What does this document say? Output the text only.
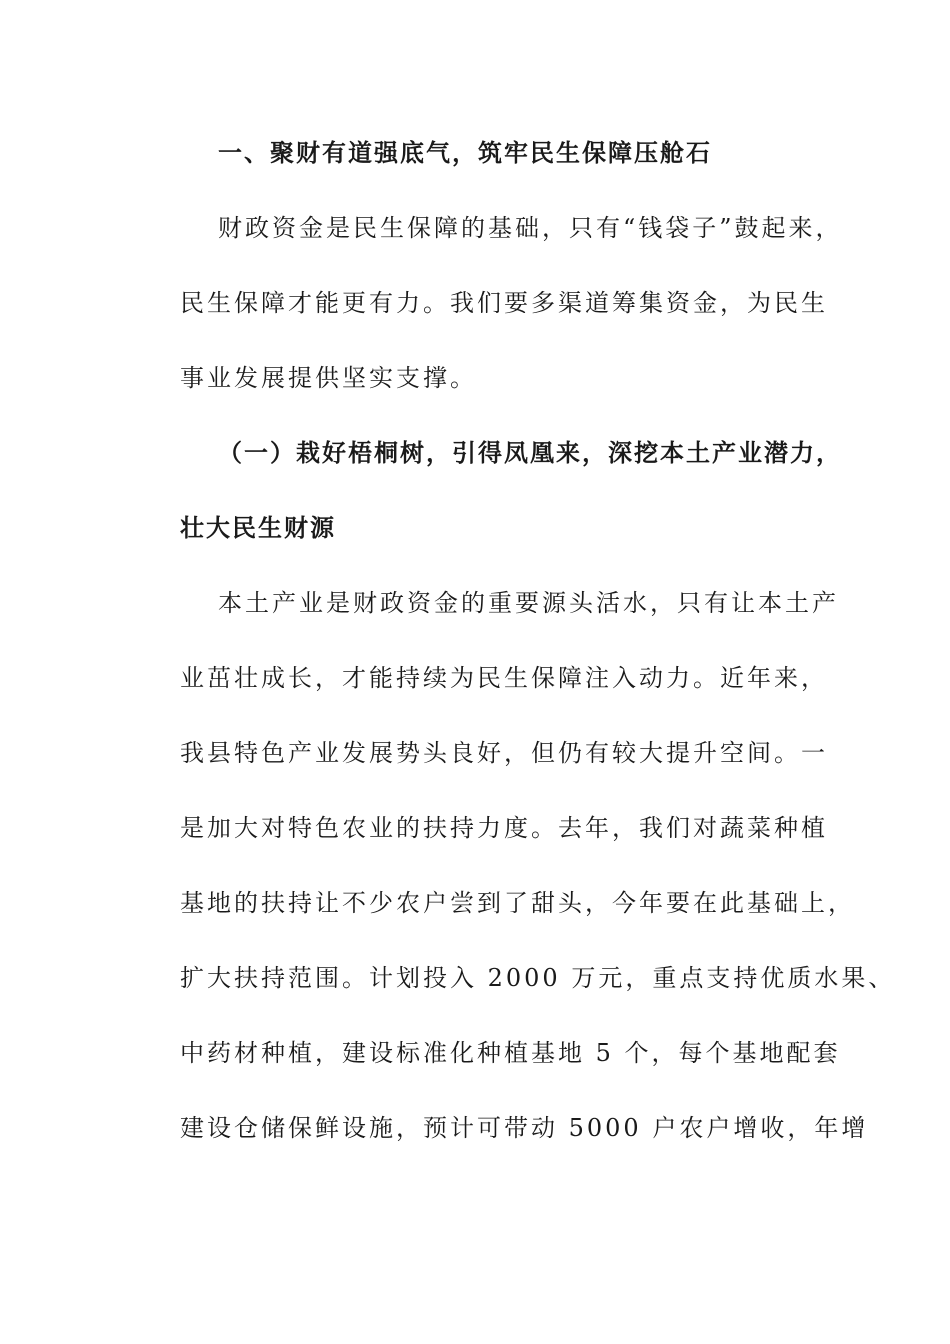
一、聚财有道强底气，筑牢民生保障压舱石
财政资金是民生保障的基础，只有“钱袋子”鼓起来，
民生保障才能更有力。我们要多渠道筹集资金，为民生
事业发展提供坚实支撑。
（一）栽好梧桐树，引得凤凰来，深挖本土产业潜力，
壮大民生财源
本土产业是财政资金的重要源头活水，只有让本土产
业茁壮成长，才能持续为民生保障注入动力。近年来，
我县特色产业发展势头良好，但仍有较大提升空间。一
是加大对特色农业的扶持力度。去年，我们对蔬菜种植
基地的扶持让不少农户尝到了甜头，今年要在此基础上，
扩大扶持范围。计划投入 2000 万元，重点支持优质水果、
中药材种植，建设标准化种植基地 5 个，每个基地配套
建设仓储保鲜设施，预计可带动 5000 户农户增收，年增
